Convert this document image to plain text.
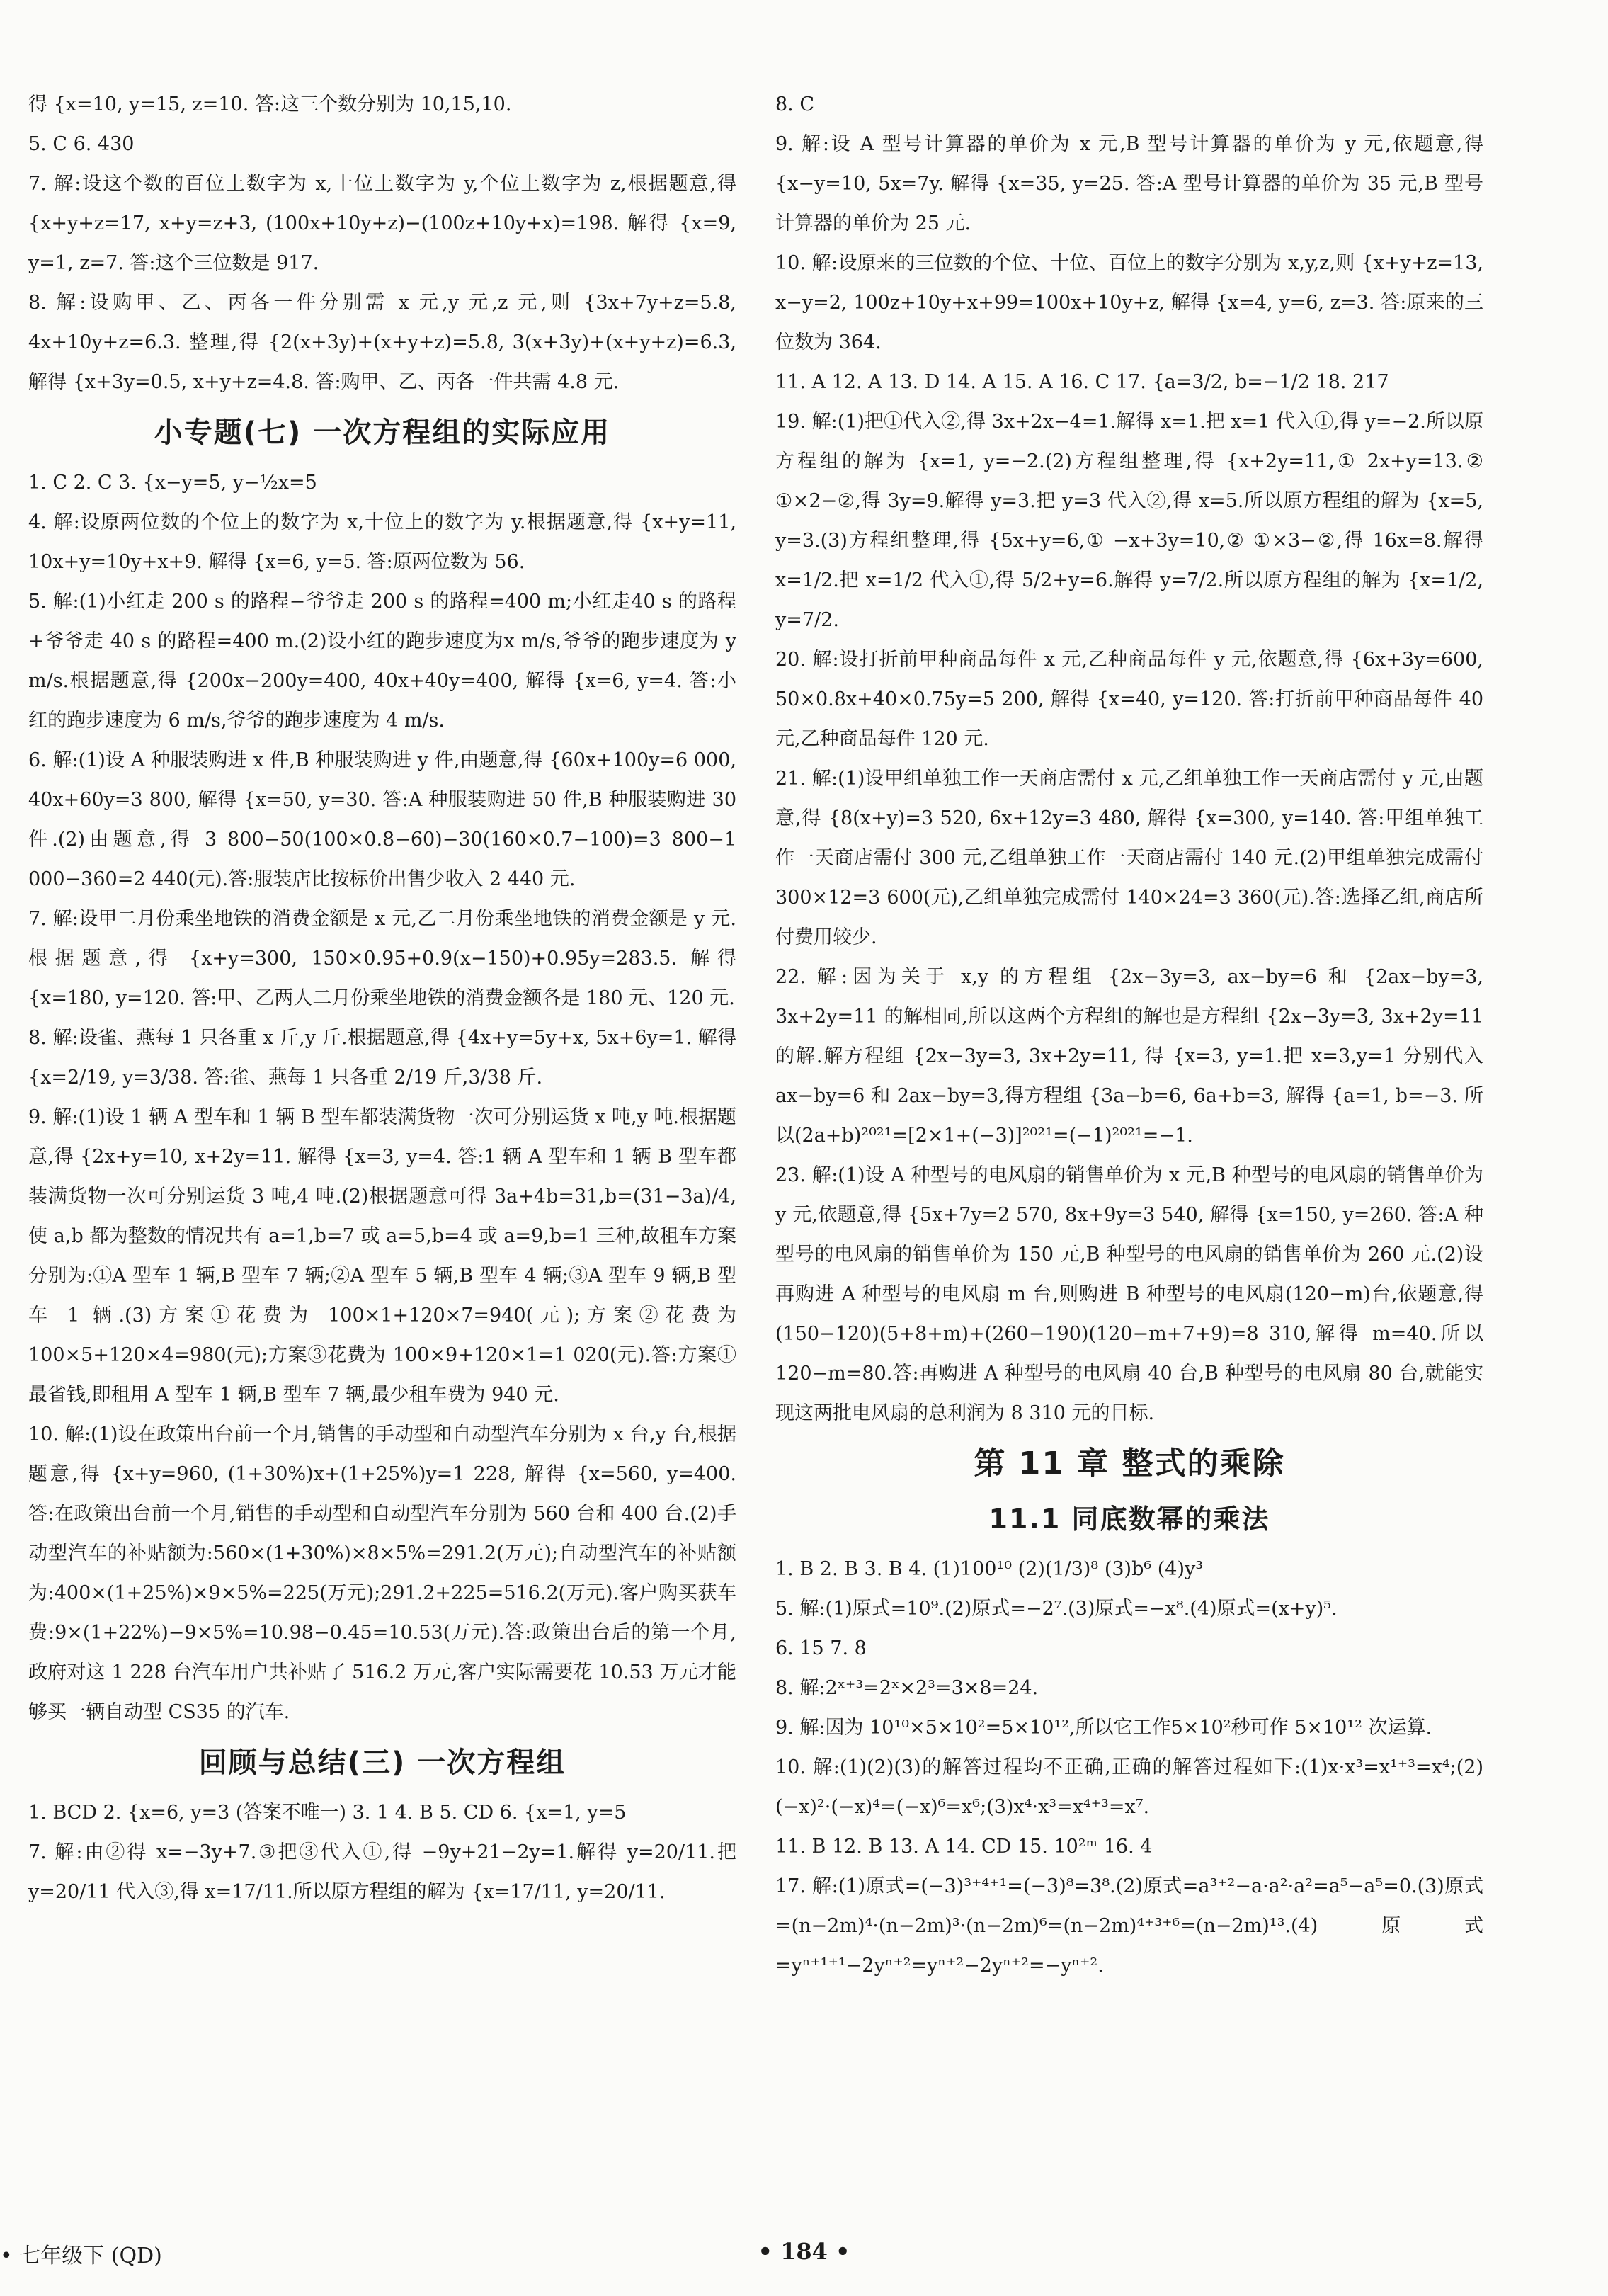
得 {x=10, y=15, z=10. 答:这三个数分别为 10,15,10.

5. C 6. 430

7. 解:设这个数的百位上数字为 x,十位上数字为 y,个位上数字为 z,根据题意,得 {x+y+z=17, x+y=z+3, (100x+10y+z)−(100z+10y+x)=198. 解得 {x=9, y=1, z=7. 答:这个三位数是 917.

8. 解:设购甲、乙、丙各一件分别需 x 元,y 元,z 元,则 {3x+7y+z=5.8, 4x+10y+z=6.3. 整理,得 {2(x+3y)+(x+y+z)=5.8, 3(x+3y)+(x+y+z)=6.3, 解得 {x+3y=0.5, x+y+z=4.8. 答:购甲、乙、丙各一件共需 4.8 元.

小专题(七) 一次方程组的实际应用

1. C 2. C 3. {x−y=5, y−½x=5

4. 解:设原两位数的个位上的数字为 x,十位上的数字为 y.根据题意,得 {x+y=11, 10x+y=10y+x+9. 解得 {x=6, y=5. 答:原两位数为 56.

5. 解:(1)小红走 200 s 的路程−爷爷走 200 s 的路程=400 m;小红走40 s 的路程+爷爷走 40 s 的路程=400 m.(2)设小红的跑步速度为x m/s,爷爷的跑步速度为 y m/s.根据题意,得 {200x−200y=400, 40x+40y=400, 解得 {x=6, y=4. 答:小红的跑步速度为 6 m/s,爷爷的跑步速度为 4 m/s.

6. 解:(1)设 A 种服装购进 x 件,B 种服装购进 y 件,由题意,得 {60x+100y=6 000, 40x+60y=3 800, 解得 {x=50, y=30. 答:A 种服装购进 50 件,B 种服装购进 30 件.(2)由题意,得 3 800−50(100×0.8−60)−30(160×0.7−100)=3 800−1 000−360=2 440(元).答:服装店比按标价出售少收入 2 440 元.

7. 解:设甲二月份乘坐地铁的消费金额是 x 元,乙二月份乘坐地铁的消费金额是 y 元.根据题意,得 {x+y=300, 150×0.95+0.9(x−150)+0.95y=283.5. 解得 {x=180, y=120. 答:甲、乙两人二月份乘坐地铁的消费金额各是 180 元、120 元.

8. 解:设雀、燕每 1 只各重 x 斤,y 斤.根据题意,得 {4x+y=5y+x, 5x+6y=1. 解得 {x=2/19, y=3/38. 答:雀、燕每 1 只各重 2/19 斤,3/38 斤.

9. 解:(1)设 1 辆 A 型车和 1 辆 B 型车都装满货物一次可分别运货 x 吨,y 吨.根据题意,得 {2x+y=10, x+2y=11. 解得 {x=3, y=4. 答:1 辆 A 型车和 1 辆 B 型车都装满货物一次可分别运货 3 吨,4 吨.(2)根据题意可得 3a+4b=31,b=(31−3a)/4,使 a,b 都为整数的情况共有 a=1,b=7 或 a=5,b=4 或 a=9,b=1 三种,故租车方案分别为:①A 型车 1 辆,B 型车 7 辆;②A 型车 5 辆,B 型车 4 辆;③A 型车 9 辆,B 型车 1 辆.(3)方案①花费为 100×1+120×7=940(元);方案②花费为 100×5+120×4=980(元);方案③花费为 100×9+120×1=1 020(元).答:方案①最省钱,即租用 A 型车 1 辆,B 型车 7 辆,最少租车费为 940 元.

10. 解:(1)设在政策出台前一个月,销售的手动型和自动型汽车分别为 x 台,y 台,根据题意,得 {x+y=960, (1+30%)x+(1+25%)y=1 228, 解得 {x=560, y=400. 答:在政策出台前一个月,销售的手动型和自动型汽车分别为 560 台和 400 台.(2)手动型汽车的补贴额为:560×(1+30%)×8×5%=291.2(万元);自动型汽车的补贴额为:400×(1+25%)×9×5%=225(万元);291.2+225=516.2(万元).客户购买获车费:9×(1+22%)−9×5%=10.98−0.45=10.53(万元).答:政策出台后的第一个月,政府对这 1 228 台汽车用户共补贴了 516.2 万元,客户实际需要花 10.53 万元才能够买一辆自动型 CS35 的汽车.

回顾与总结(三) 一次方程组

1. BCD 2. {x=6, y=3 (答案不唯一) 3. 1 4. B 5. CD 6. {x=1, y=5

7. 解:由②得 x=−3y+7.③把③代入①,得 −9y+21−2y=1.解得 y=20/11.把 y=20/11 代入③,得 x=17/11.所以原方程组的解为 {x=17/11, y=20/11.

8. C

9. 解:设 A 型号计算器的单价为 x 元,B 型号计算器的单价为 y 元,依题意,得 {x−y=10, 5x=7y. 解得 {x=35, y=25. 答:A 型号计算器的单价为 35 元,B 型号计算器的单价为 25 元.

10. 解:设原来的三位数的个位、十位、百位上的数字分别为 x,y,z,则 {x+y+z=13, x−y=2, 100z+10y+x+99=100x+10y+z, 解得 {x=4, y=6, z=3. 答:原来的三位数为 364.

11. A 12. A 13. D 14. A 15. A 16. C 17. {a=3/2, b=−1/2 18. 217

19. 解:(1)把①代入②,得 3x+2x−4=1.解得 x=1.把 x=1 代入①,得 y=−2.所以原方程组的解为 {x=1, y=−2.(2)方程组整理,得 {x+2y=11,① 2x+y=13.② ①×2−②,得 3y=9.解得 y=3.把 y=3 代入②,得 x=5.所以原方程组的解为 {x=5, y=3.(3)方程组整理,得 {5x+y=6,① −x+3y=10,② ①×3−②,得 16x=8.解得 x=1/2.把 x=1/2 代入①,得 5/2+y=6.解得 y=7/2.所以原方程组的解为 {x=1/2, y=7/2.

20. 解:设打折前甲种商品每件 x 元,乙种商品每件 y 元,依题意,得 {6x+3y=600, 50×0.8x+40×0.75y=5 200, 解得 {x=40, y=120. 答:打折前甲种商品每件 40 元,乙种商品每件 120 元.

21. 解:(1)设甲组单独工作一天商店需付 x 元,乙组单独工作一天商店需付 y 元,由题意,得 {8(x+y)=3 520, 6x+12y=3 480, 解得 {x=300, y=140. 答:甲组单独工作一天商店需付 300 元,乙组单独工作一天商店需付 140 元.(2)甲组单独完成需付 300×12=3 600(元),乙组单独完成需付 140×24=3 360(元).答:选择乙组,商店所付费用较少.

22. 解:因为关于 x,y 的方程组 {2x−3y=3, ax−by=6 和 {2ax−by=3, 3x+2y=11 的解相同,所以这两个方程组的解也是方程组 {2x−3y=3, 3x+2y=11 的解.解方程组 {2x−3y=3, 3x+2y=11, 得 {x=3, y=1.把 x=3,y=1 分别代入 ax−by=6 和 2ax−by=3,得方程组 {3a−b=6, 6a+b=3, 解得 {a=1, b=−3. 所以(2a+b)²⁰²¹=[2×1+(−3)]²⁰²¹=(−1)²⁰²¹=−1.

23. 解:(1)设 A 种型号的电风扇的销售单价为 x 元,B 种型号的电风扇的销售单价为 y 元,依题意,得 {5x+7y=2 570, 8x+9y=3 540, 解得 {x=150, y=260. 答:A 种型号的电风扇的销售单价为 150 元,B 种型号的电风扇的销售单价为 260 元.(2)设再购进 A 种型号的电风扇 m 台,则购进 B 种型号的电风扇(120−m)台,依题意,得(150−120)(5+8+m)+(260−190)(120−m+7+9)=8 310,解得 m=40.所以 120−m=80.答:再购进 A 种型号的电风扇 40 台,B 种型号的电风扇 80 台,就能实现这两批电风扇的总利润为 8 310 元的目标.

第 11 章 整式的乘除
11.1 同底数幂的乘法

1. B 2. B 3. B 4. (1)100¹⁰ (2)(1/3)⁸ (3)b⁶ (4)y³

5. 解:(1)原式=10⁹.(2)原式=−2⁷.(3)原式=−x⁸.(4)原式=(x+y)⁵.

6. 15 7. 8

8. 解:2ˣ⁺³=2ˣ×2³=3×8=24.

9. 解:因为 10¹⁰×5×10²=5×10¹²,所以它工作5×10²秒可作 5×10¹² 次运算.

10. 解:(1)(2)(3)的解答过程均不正确,正确的解答过程如下:(1)x·x³=x¹⁺³=x⁴;(2)(−x)²·(−x)⁴=(−x)⁶=x⁶;(3)x⁴·x³=x⁴⁺³=x⁷.

11. B 12. B 13. A 14. CD 15. 10²ᵐ 16. 4

17. 解:(1)原式=(−3)³⁺⁴⁺¹=(−3)⁸=3⁸.(2)原式=a³⁺²−a·a²·a²=a⁵−a⁵=0.(3)原式=(n−2m)⁴·(n−2m)³·(n−2m)⁶=(n−2m)⁴⁺³⁺⁶=(n−2m)¹³.(4)原式=yⁿ⁺¹⁺¹−2yⁿ⁺²=yⁿ⁺²−2yⁿ⁺²=−yⁿ⁺².

• 七年级下 (QD)	• 184 •
